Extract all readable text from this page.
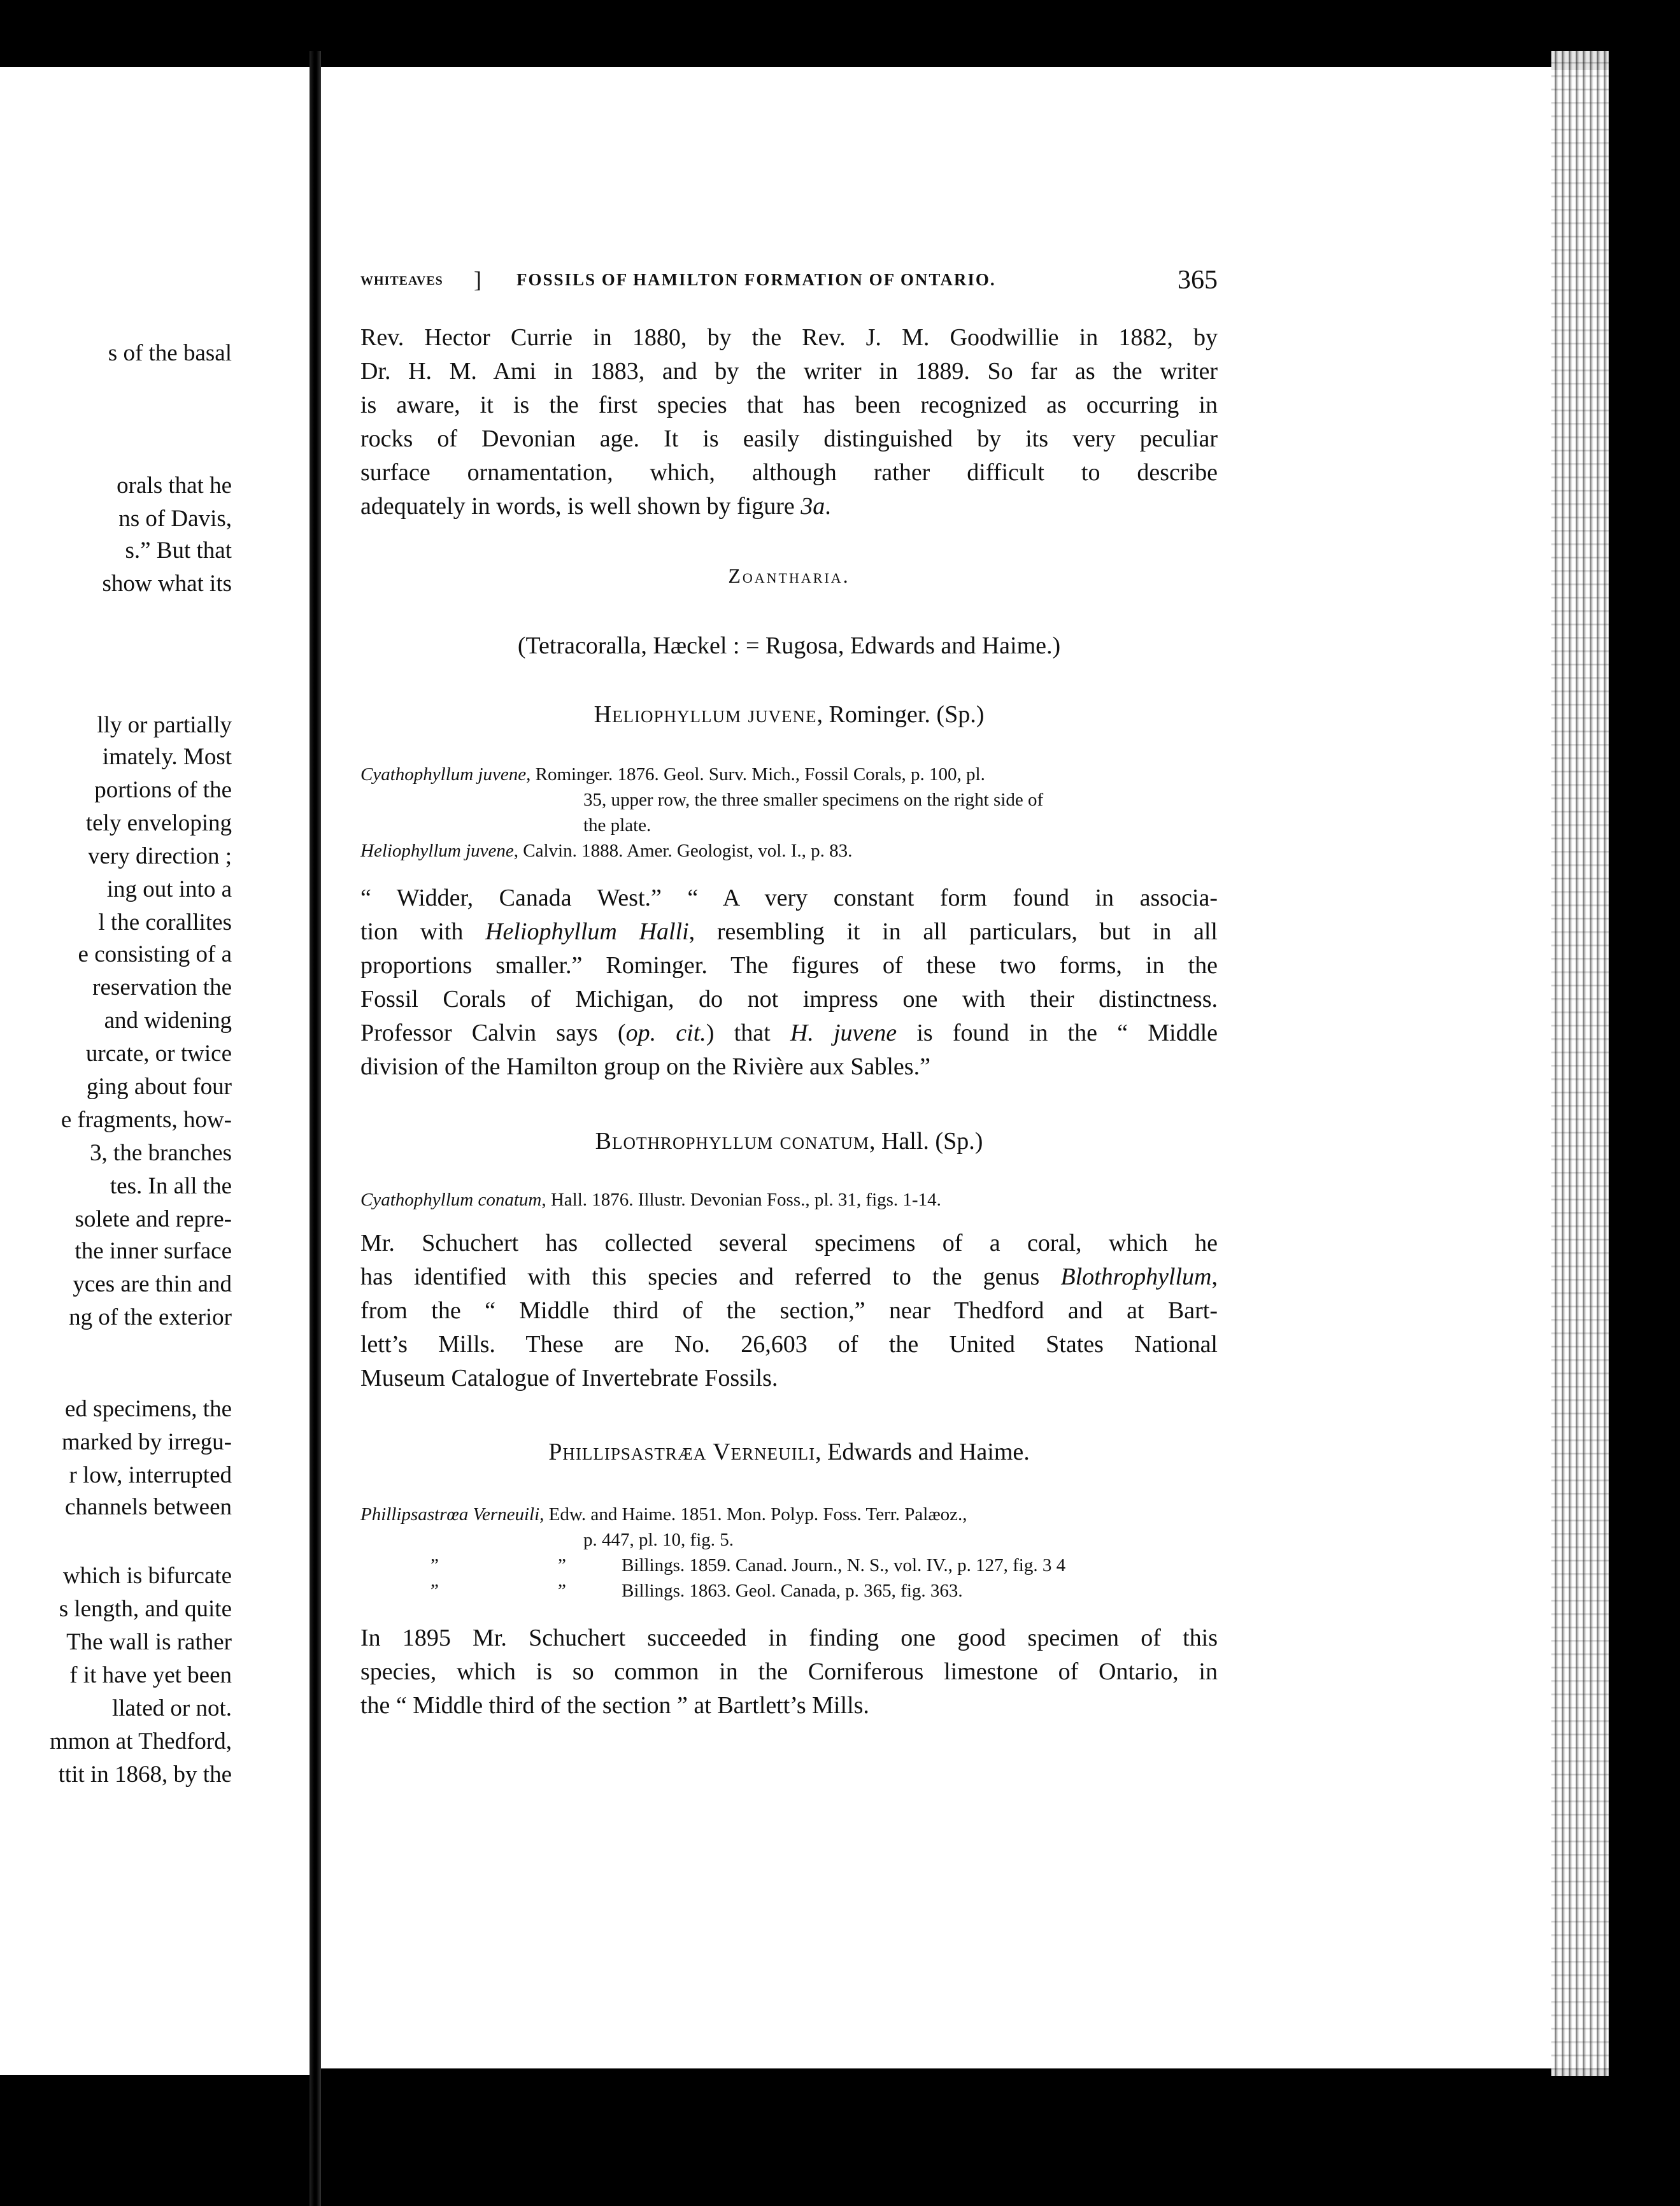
s of the basal
orals that he
ns of Davis,
s.” But that
show what its
lly or partially
imately. Most
portions of the
tely enveloping
very direction ;
ing out into a
l the corallites
e consisting of a
reservation the
and widening
urcate, or twice
ging about four
e fragments, how-
3, the branches
tes. In all the
solete and repre-
the inner surface
yces are thin and
ng of the exterior
ed specimens, the
marked by irregu-
r low, interrupted
channels between
which is bifurcate
s length, and quite
The wall is rather
f it have yet been
llated or not.
mmon at Thedford,
ttit in 1868, by the
WHITEAVES ] FOSSILS OF HAMILTON FORMATION OF ONTARIO.	365
Rev. Hector Currie in 1880, by the Rev. J. M. Goodwillie in 1882, by
Dr. H. M. Ami in 1883, and by the writer in 1889. So far as the writer
is aware, it is the first species that has been recognized as occurring in
rocks of Devonian age. It is easily distinguished by its very peculiar
surface ornamentation, which, although rather difficult to describe
adequately in words, is well shown by figure 3a.
Zoantharia.
(Tetracoralla, Hæckel : = Rugosa, Edwards and Haime.)
Heliophyllum juvene, Rominger. (Sp.)
Cyathophyllum juvene, Rominger. 1876. Geol. Surv. Mich., Fossil Corals, p. 100, pl.
35, upper row, the three smaller specimens on the right side of
the plate.
Heliophyllum juvene, Calvin. 1888. Amer. Geologist, vol. I., p. 83.
“ Widder, Canada West.” “ A very constant form found in associa-
tion with Heliophyllum Halli, resembling it in all particulars, but in all
proportions smaller.” Rominger. The figures of these two forms, in the
Fossil Corals of Michigan, do not impress one with their distinctness.
Professor Calvin says (op. cit.) that H. juvene is found in the “ Middle
division of the Hamilton group on the Rivière aux Sables.”
Blothrophyllum conatum, Hall. (Sp.)
Cyathophyllum conatum, Hall. 1876. Illustr. Devonian Foss., pl. 31, figs. 1-14.
Mr. Schuchert has collected several specimens of a coral, which he
has identified with this species and referred to the genus Blothrophyllum,
from the “ Middle third of the section,” near Thedford and at Bart-
lett’s Mills. These are No. 26,603 of the United States National
Museum Catalogue of Invertebrate Fossils.
Phillipsastræa Verneuili, Edwards and Haime.
Phillipsastrœa Verneuili, Edw. and Haime. 1851. Mon. Polyp. Foss. Terr. Palæoz.,
p. 447, pl. 10, fig. 5.
”	”	Billings. 1859. Canad. Journ., N. S., vol. IV., p. 127, fig. 3 4
”	”	Billings. 1863. Geol. Canada, p. 365, fig. 363.
In 1895 Mr. Schuchert succeeded in finding one good specimen of this
species, which is so common in the Corniferous limestone of Ontario, in
the “ Middle third of the section ” at Bartlett’s Mills.
